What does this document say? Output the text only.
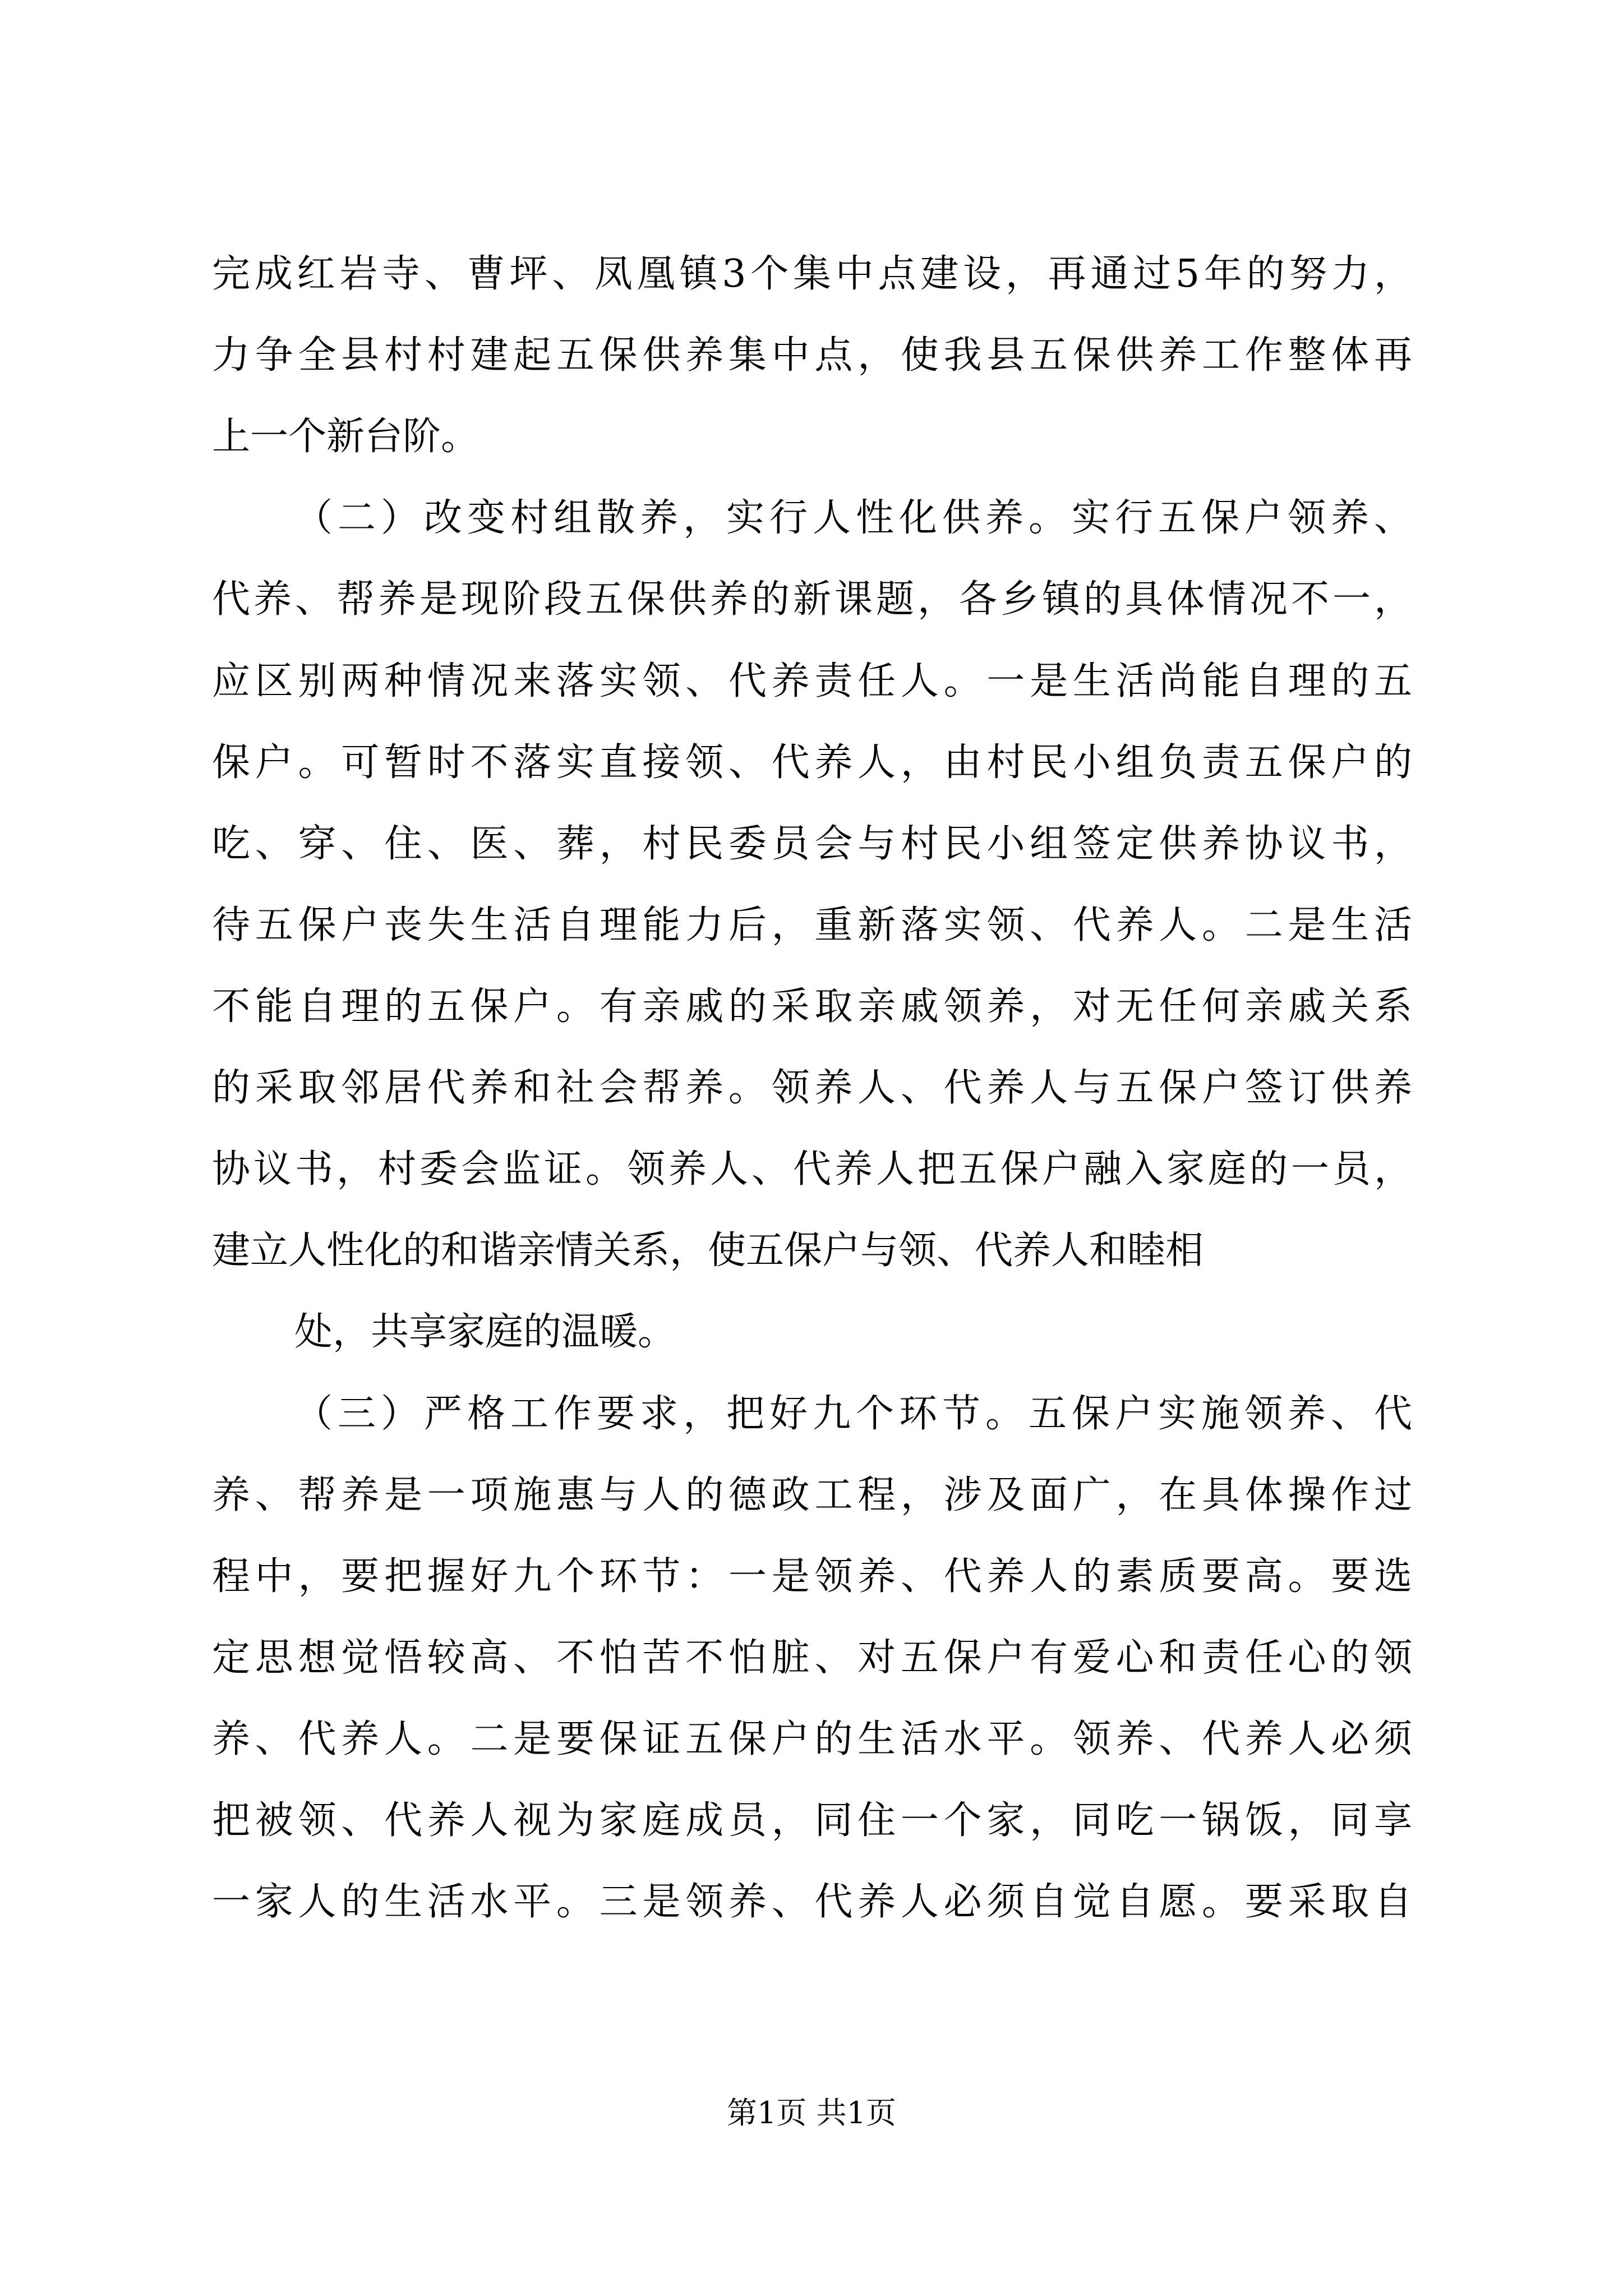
完成红岩寺、曹坪、凤凰镇3个集中点建设，再通过5年的努力，
力争全县村村建起五保供养集中点，使我县五保供养工作整体再
上一个新台阶。
（二）改变村组散养，实行人性化供养。实行五保户领养、
代养、帮养是现阶段五保供养的新课题，各乡镇的具体情况不一，
应区别两种情况来落实领、代养责任人。一是生活尚能自理的五
保户。可暂时不落实直接领、代养人，由村民小组负责五保户的
吃、穿、住、医、葬，村民委员会与村民小组签定供养协议书，
待五保户丧失生活自理能力后，重新落实领、代养人。二是生活
不能自理的五保户。有亲戚的采取亲戚领养，对无任何亲戚关系
的采取邻居代养和社会帮养。领养人、代养人与五保户签订供养
协议书，村委会监证。领养人、代养人把五保户融入家庭的一员，
建立人性化的和谐亲情关系，使五保户与领、代养人和睦相
处，共享家庭的温暖。
（三）严格工作要求，把好九个环节。五保户实施领养、代
养、帮养是一项施惠与人的德政工程，涉及面广，在具体操作过
程中，要把握好九个环节：一是领养、代养人的素质要高。要选
定思想觉悟较高、不怕苦不怕脏、对五保户有爱心和责任心的领
养、代养人。二是要保证五保户的生活水平。领养、代养人必须
把被领、代养人视为家庭成员，同住一个家，同吃一锅饭，同享
一家人的生活水平。三是领养、代养人必须自觉自愿。要采取自
第1页 共1页
